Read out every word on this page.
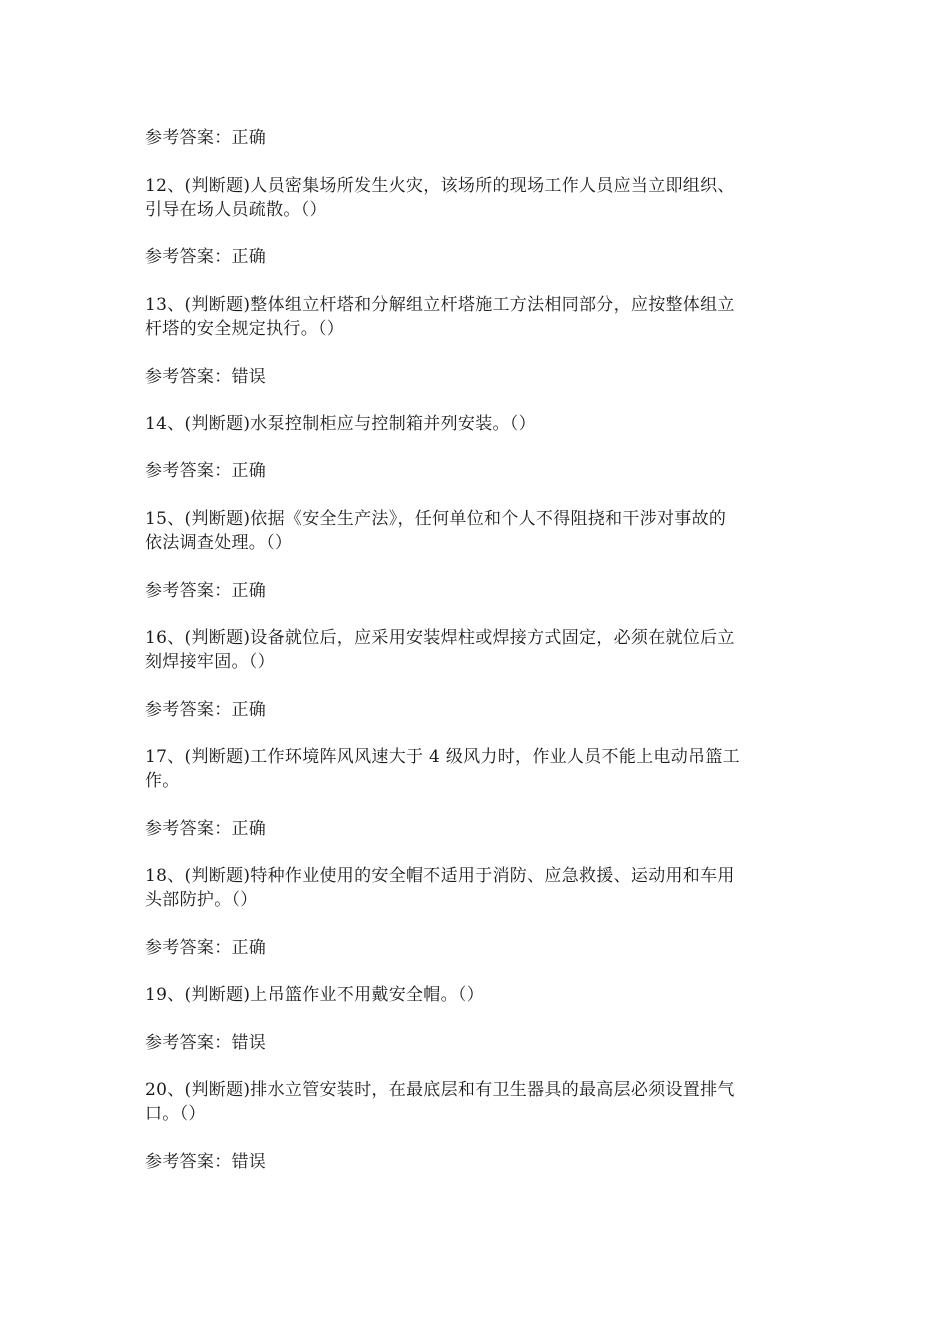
参考答案：正确
12、(判断题)人员密集场所发生火灾，该场所的现场工作人员应当立即组织、
引导在场人员疏散。（）
参考答案：正确
13、(判断题)整体组立杆塔和分解组立杆塔施工方法相同部分，应按整体组立
杆塔的安全规定执行。（）
参考答案：错误
14、(判断题)水泵控制柜应与控制箱并列安装。（）
参考答案：正确
15、(判断题)依据《安全生产法》，任何单位和个人不得阻挠和干涉对事故的
依法调查处理。（）
参考答案：正确
16、(判断题)设备就位后，应采用安装焊柱或焊接方式固定，必须在就位后立
刻焊接牢固。（）
参考答案：正确
17、(判断题)工作环境阵风风速大于 4 级风力时，作业人员不能上电动吊篮工
作。
参考答案：正确
18、(判断题)特种作业使用的安全帽不适用于消防、应急救援、运动用和车用
头部防护。（）
参考答案：正确
19、(判断题)上吊篮作业不用戴安全帽。（）
参考答案：错误
20、(判断题)排水立管安装时，在最底层和有卫生器具的最高层必须设置排气
口。（）
参考答案：错误
